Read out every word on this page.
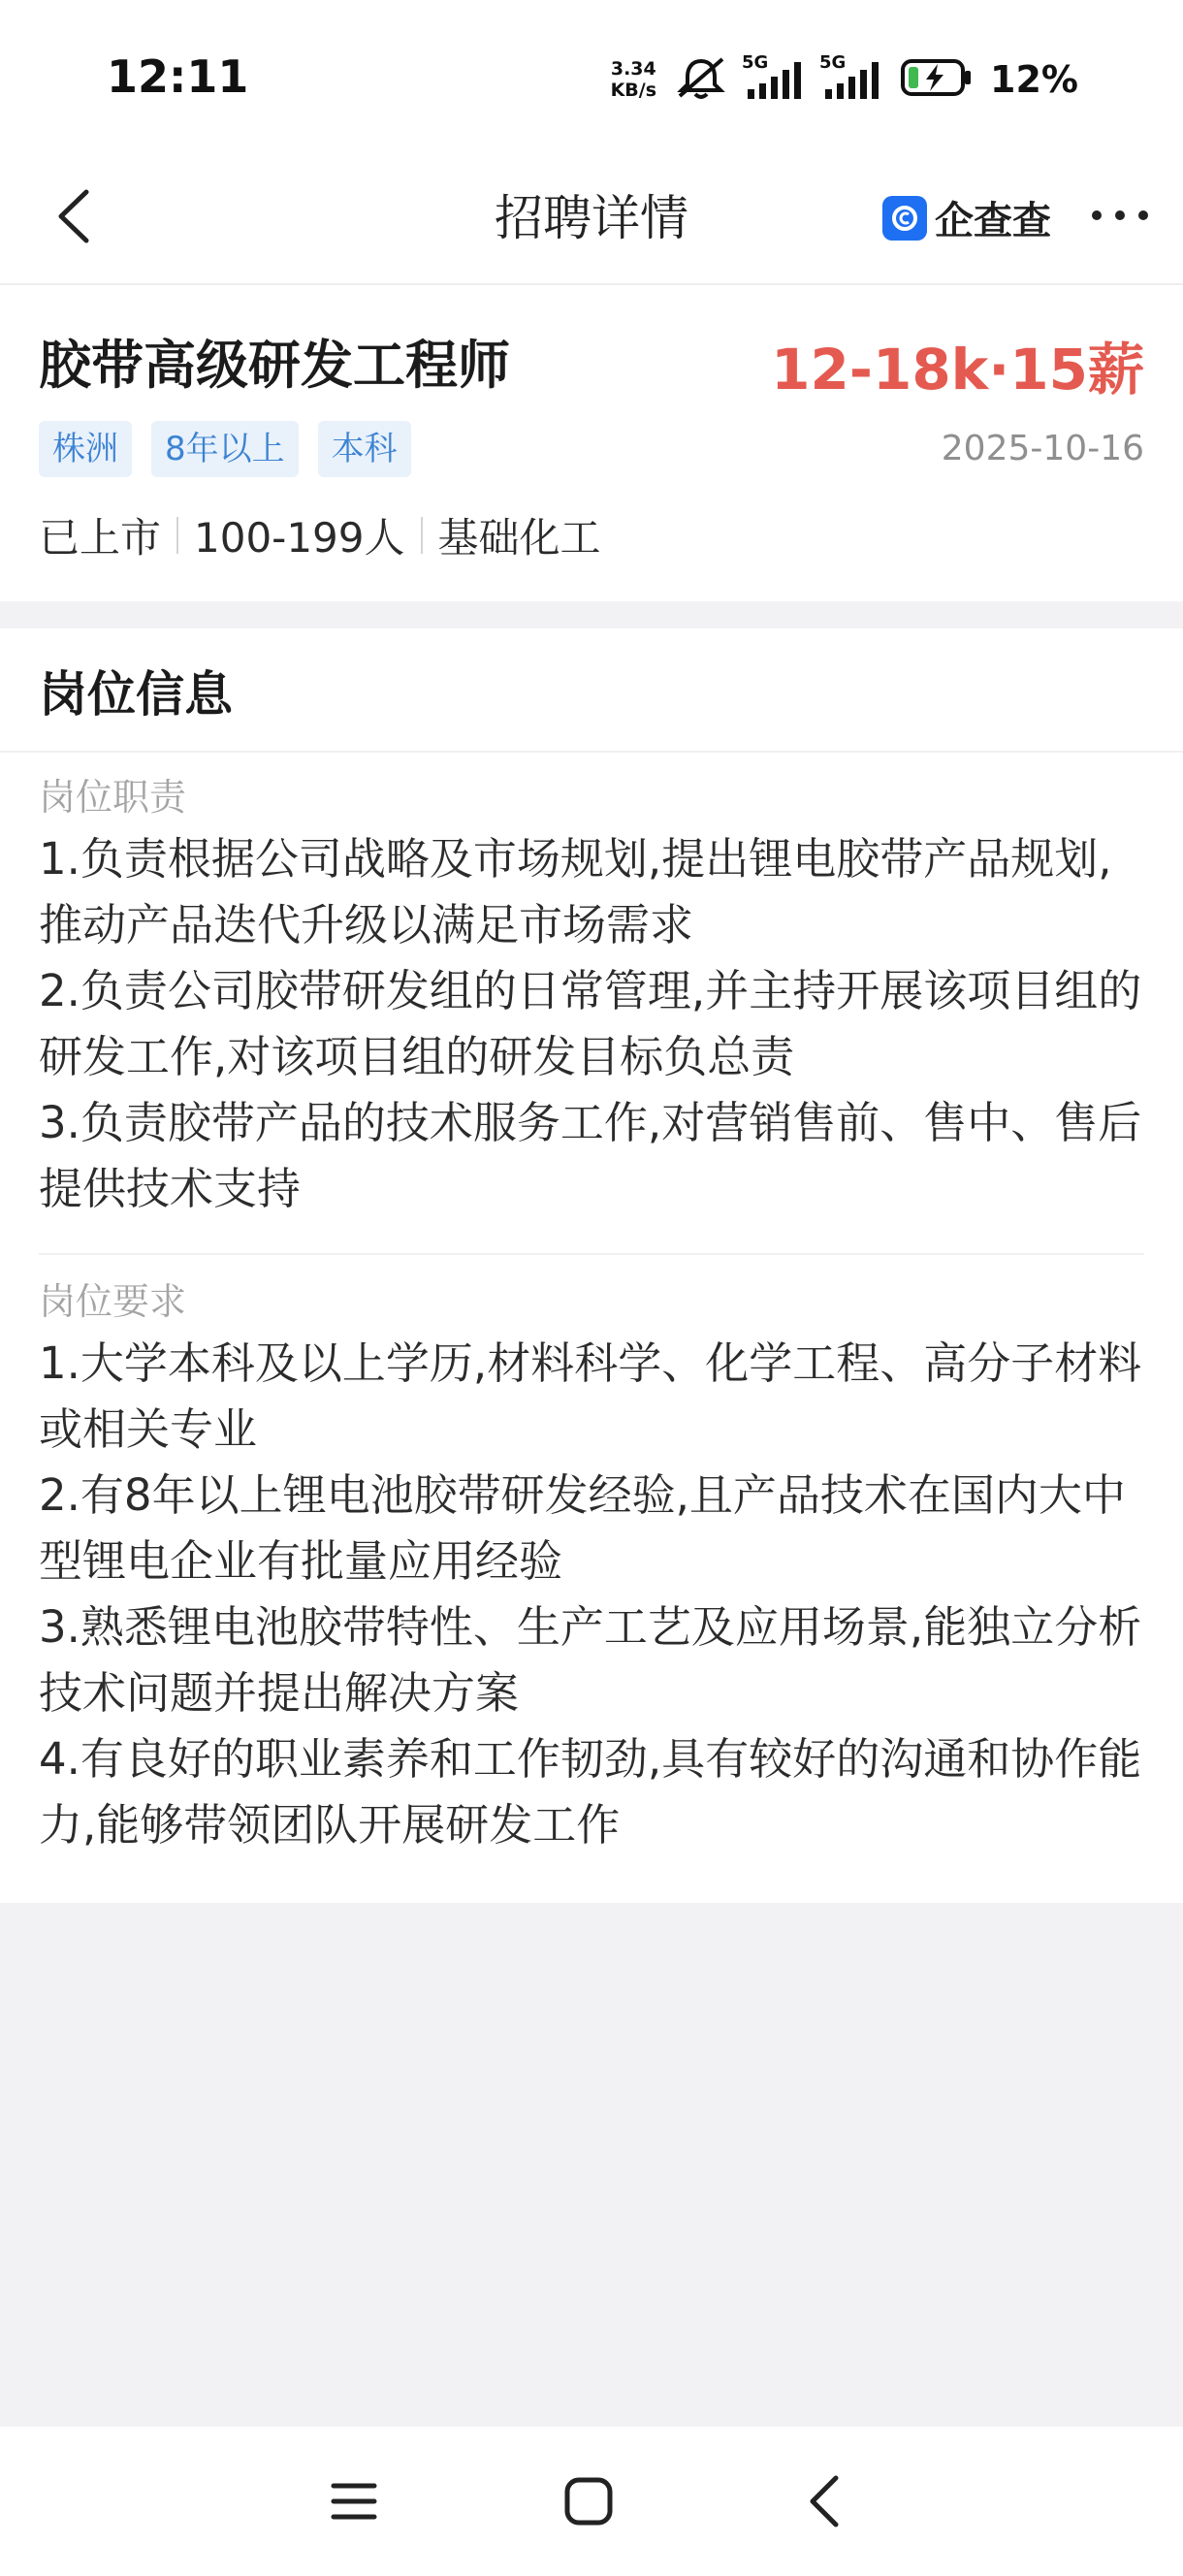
12:11	3.34
KB/s
5G	5G	12%
招聘详情	企查查
胶带高级研发工程师	12-18k·15薪
株洲	8年以上	本科	2025-10-16
已上市 100-199人 基础化工
岗位信息
岗位职责
1.负责根据公司战略及市场规划,提出锂电胶带产品规划,推动产品迭代升级以满足市场需求
2.负责公司胶带研发组的日常管理,并主持开展该项目组的研发工作,对该项目组的研发目标负总责
3.负责胶带产品的技术服务工作,对营销售前、售中、售后提供技术支持
岗位要求
1.大学本科及以上学历,材料科学、化学工程、高分子材料或相关专业
2.有8年以上锂电池胶带研发经验,且产品技术在国内大中型锂电企业有批量应用经验
3.熟悉锂电池胶带特性、生产工艺及应用场景,能独立分析技术问题并提出解决方案
4.有良好的职业素养和工作韧劲,具有较好的沟通和协作能力,能够带领团队开展研发工作
